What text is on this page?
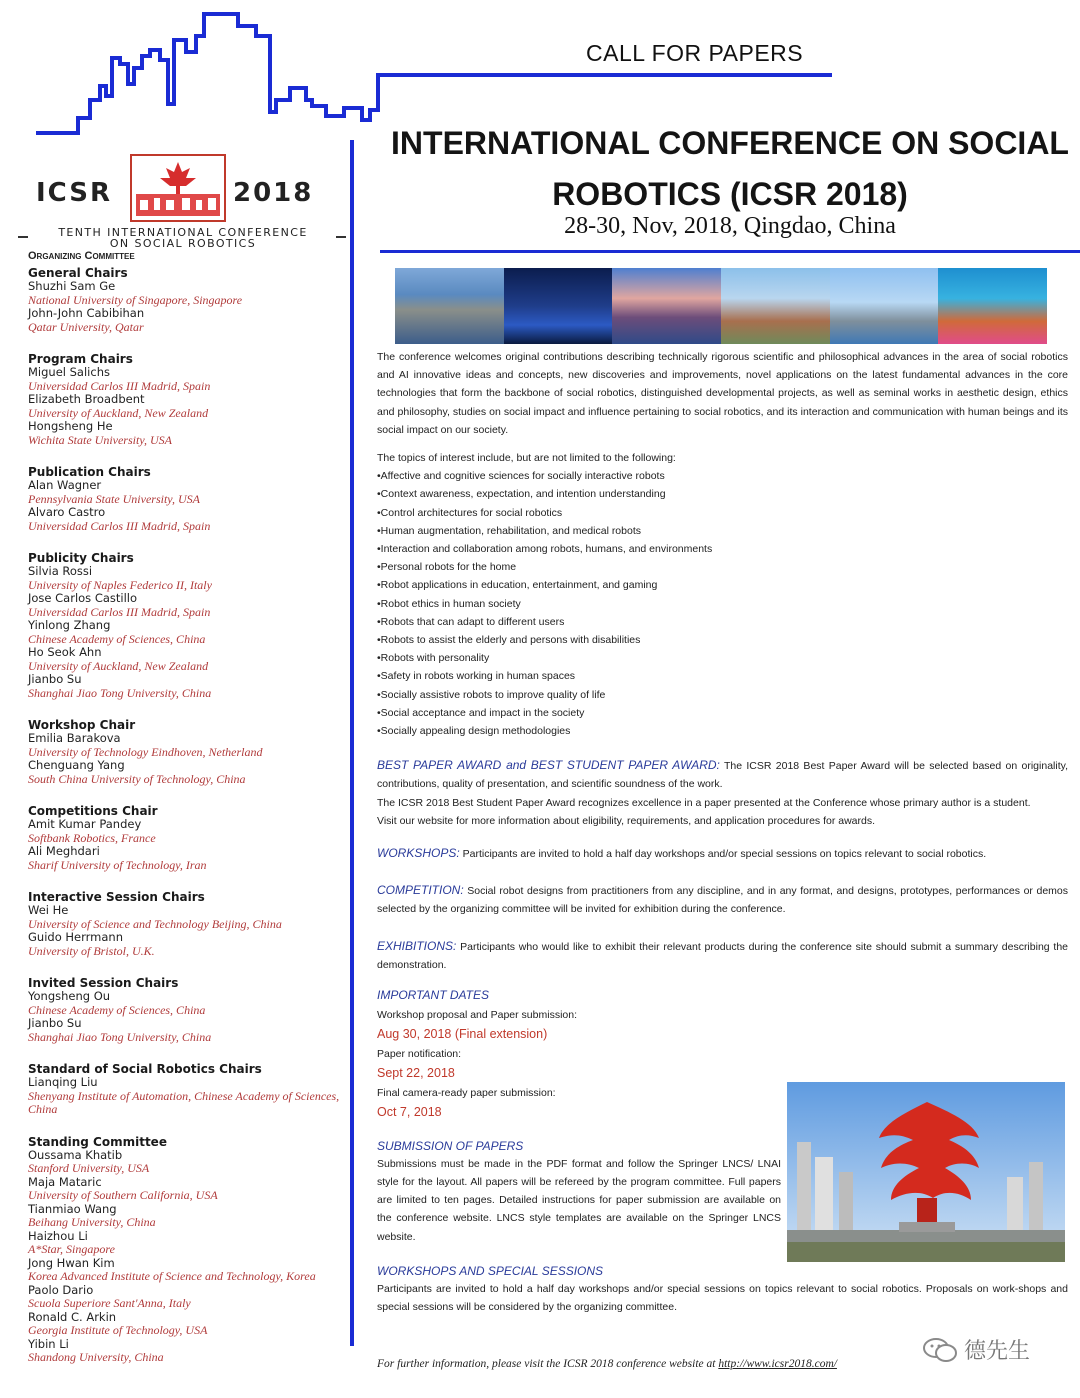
CALL FOR PAPERS
INTERNATIONAL CONFERENCE ON SOCIAL
ROBOTICS (ICSR 2018)
28-30, Nov, 2018, Qingdao, China
ICSR	2018
TENTH INTERNATIONAL CONFERENCE
ON SOCIAL ROBOTICS
Organizing Committee
General Chairs
Shuzhi Sam Ge
National University of Singapore, Singapore
John-John Cabibihan
Qatar University, Qatar
Program Chairs
Miguel Salichs
Universidad Carlos III Madrid, Spain
Elizabeth Broadbent
University of Auckland, New Zealand
Hongsheng He
Wichita State University, USA
Publication Chairs
Alan Wagner
Pennsylvania State University, USA
Alvaro Castro
Universidad Carlos III Madrid, Spain
Publicity Chairs
Silvia Rossi
University of Naples Federico II, Italy
Jose Carlos Castillo
Universidad Carlos III Madrid, Spain
Yinlong Zhang
Chinese Academy of Sciences, China
Ho Seok Ahn
University of Auckland, New Zealand
Jianbo Su
Shanghai Jiao Tong University, China
Workshop Chair
Emilia Barakova
University of Technology Eindhoven, Netherland
Chenguang Yang
South China University of Technology, China
Competitions Chair
Amit Kumar Pandey
Softbank Robotics, France
Ali Meghdari
Sharif University of Technology, Iran
Interactive Session Chairs
Wei He
University of Science and Technology Beijing, China
Guido Herrmann
University of Bristol, U.K.
Invited Session Chairs
Yongsheng Ou
Chinese Academy of Sciences, China
Jianbo Su
Shanghai Jiao Tong University, China
Standard of Social Robotics Chairs
Lianqing Liu
Shenyang Institute of Automation, Chinese Academy of Sciences, China
Standing Committee
Oussama Khatib
Stanford University, USA
Maja Mataric
University of Southern California, USA
Tianmiao Wang
Beihang University, China
Haizhou Li
A*Star, Singapore
Jong Hwan Kim
Korea Advanced Institute of Science and Technology, Korea
Paolo Dario
Scuola Superiore Sant'Anna, Italy
Ronald C. Arkin
Georgia Institute of Technology, USA
Yibin Li
Shandong University, China
The conference welcomes original contributions describing technically rigorous scientific and philosophical advances in the area of social robotics and AI innovative ideas and concepts, new discoveries and improvements, novel applications on the latest fundamental advances in the core technologies that form the backbone of social robotics, distinguished developmental projects, as well as seminal works in aesthetic design, ethics and philosophy, studies on social impact and influence pertaining to social robotics, and its interaction and communication with human beings and its social impact on our society.
The topics of interest include, but are not limited to the following:
•Affective and cognitive sciences for socially interactive robots
•Context awareness, expectation, and intention understanding
•Control architectures for social robotics
•Human augmentation, rehabilitation, and medical robots
•Interaction and collaboration among robots, humans, and environments
•Personal robots for the home
•Robot applications in education, entertainment, and gaming
•Robot ethics in human society
•Robots that can adapt to different users
•Robots to assist the elderly and persons with disabilities
•Robots with personality
•Safety in robots working in human spaces
•Socially assistive robots to improve quality of life
•Social acceptance and impact in the society
•Socially appealing design methodologies
BEST PAPER AWARD and BEST STUDENT PAPER AWARD: The ICSR 2018 Best Paper Award will be selected based on originality, contributions, quality of presentation, and scientific soundness of the work.
The ICSR 2018 Best Student Paper Award recognizes excellence in a paper presented at the Conference whose primary author is a student.
Visit our website for more information about eligibility, requirements, and application procedures for awards.
WORKSHOPS: Participants are invited to hold a half day workshops and/or special sessions on topics relevant to social robotics.
COMPETITION: Social robot designs from practitioners from any discipline, and in any format, and designs, prototypes, performances or demos selected by the organizing committee will be invited for exhibition during the conference.
EXHIBITIONS: Participants who would like to exhibit their relevant products during the conference site should submit a summary describing the demonstration.
IMPORTANT DATES
Workshop proposal and Paper submission:
Aug 30, 2018 (Final extension)
Paper notification:
Sept 22, 2018
Final camera-ready paper submission:
Oct 7, 2018
SUBMISSION OF PAPERS
Submissions must be made in the PDF format and follow the Springer LNCS/ LNAI style for the layout. All papers will be refereed by the program committee. Full papers are limited to ten pages. Detailed instructions for paper submission are available on the conference website. LNCS style templates are available on the Springer LNCS website.
WORKSHOPS AND SPECIAL SESSIONS
Participants are invited to hold a half day workshops and/or special sessions on topics relevant to social robotics. Proposals on work-shops and special sessions will be considered by the organizing committee.
For further information, please visit the ICSR 2018 conference website at http://www.icsr2018.com/	德先生
